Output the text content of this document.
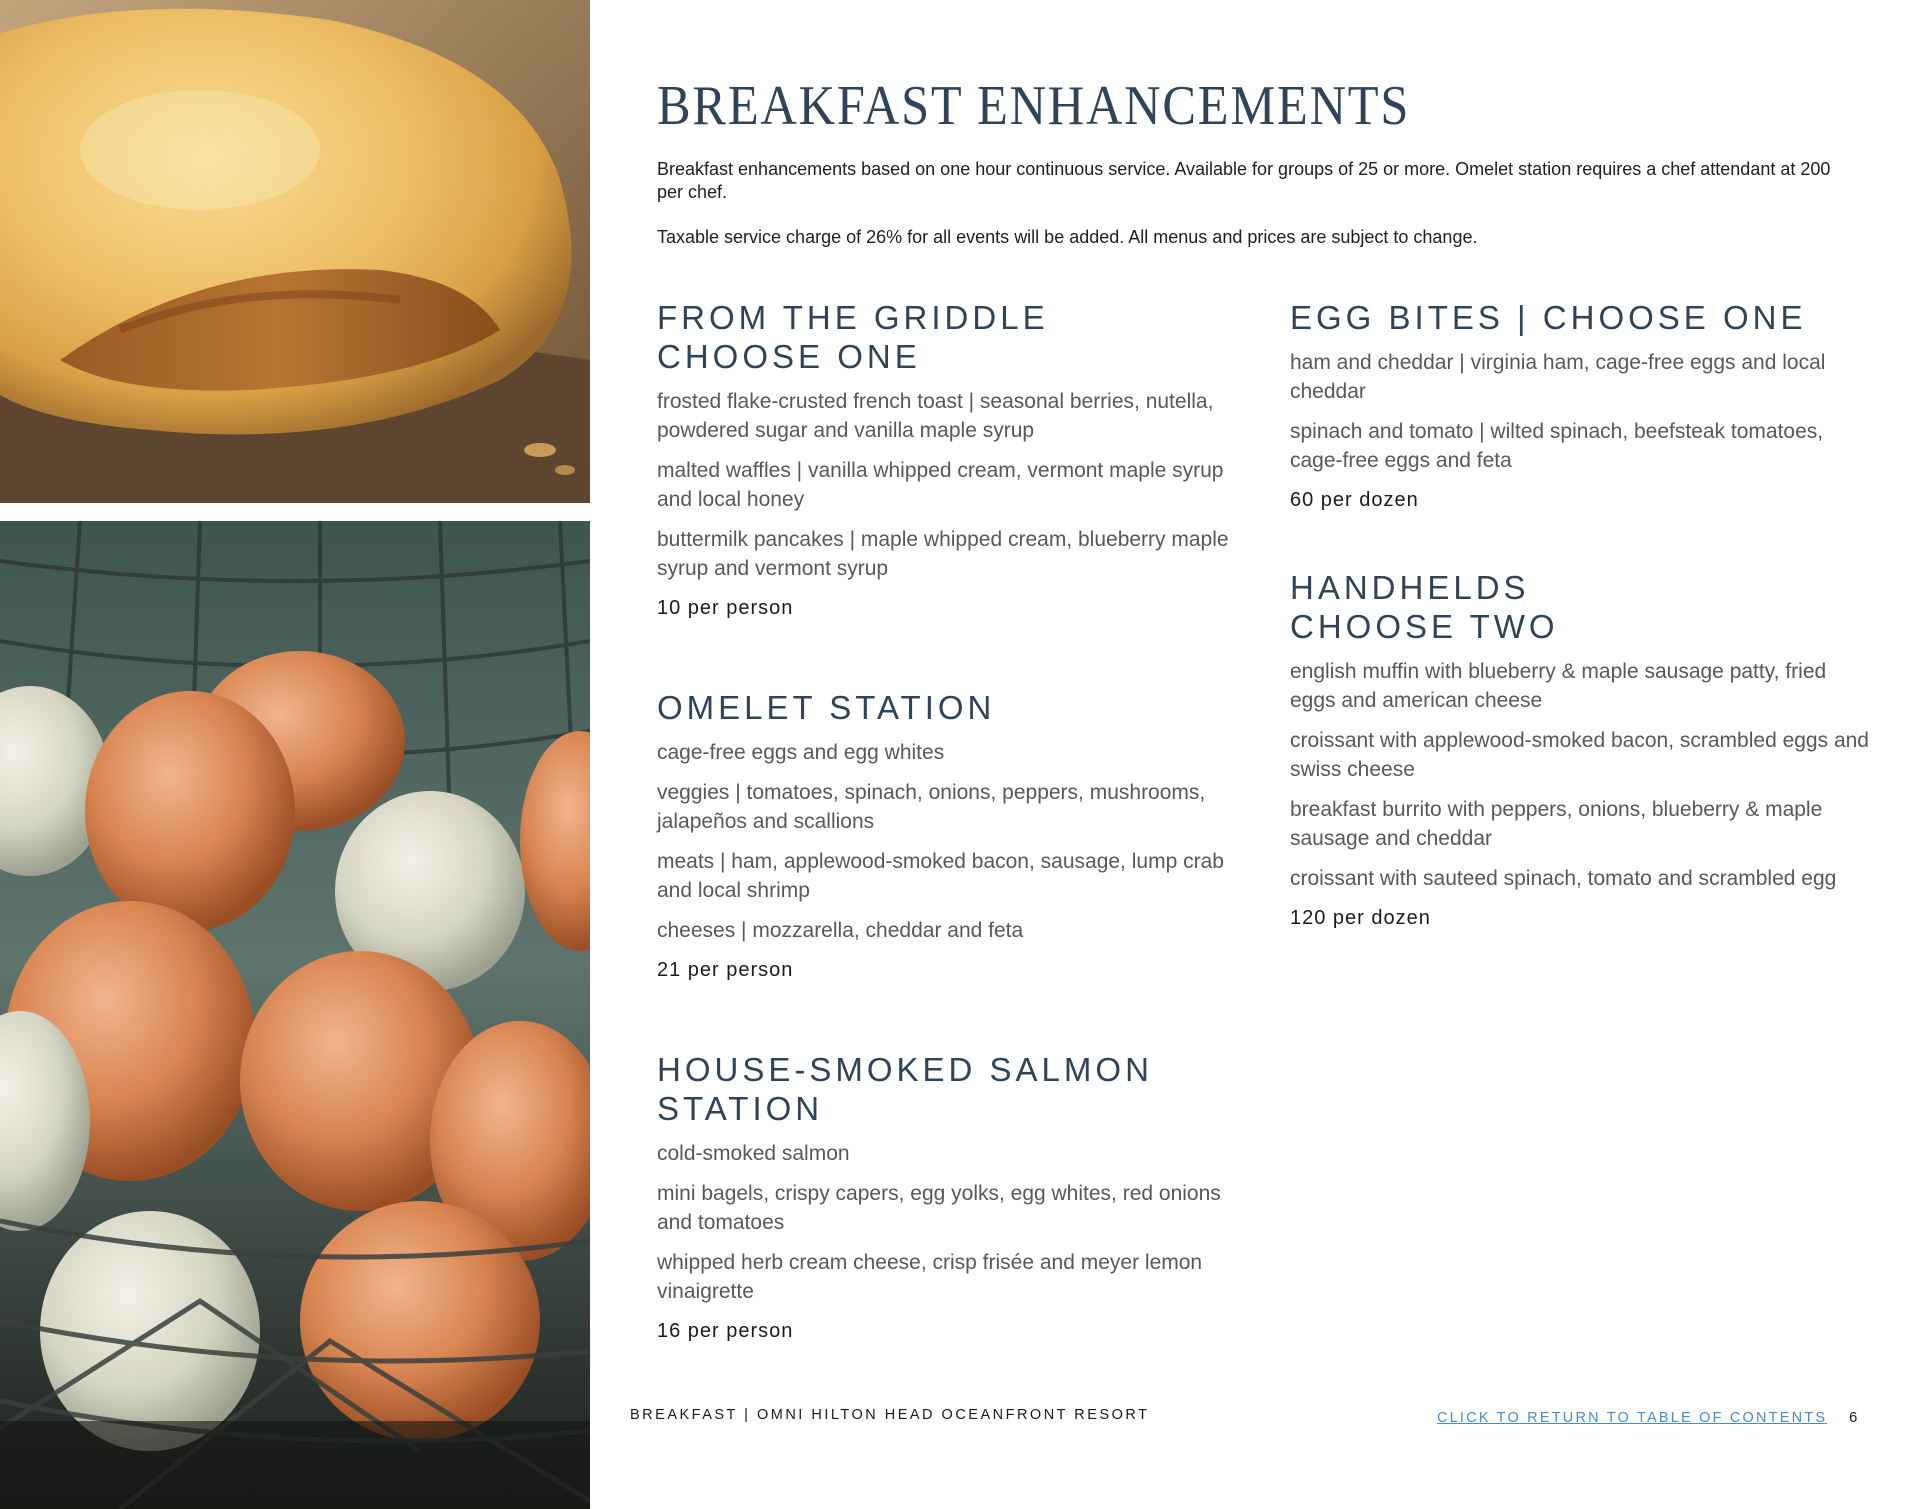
BREAKFAST ENHANCEMENTS

Breakfast enhancements based on one hour continuous service. Available for groups of 25 or more. Omelet station requires a chef attendant at 200 per chef.

Taxable service charge of 26% for all events will be added. All menus and prices are subject to change.

FROM THE GRIDDLE
CHOOSE ONE

frosted flake-crusted french toast | seasonal berries, nutella, powdered sugar and vanilla maple syrup

malted waffles | vanilla whipped cream, vermont maple syrup and local honey

buttermilk pancakes | maple whipped cream, blueberry maple syrup and vermont syrup

10 per person

OMELET STATION

cage-free eggs and egg whites

veggies | tomatoes, spinach, onions, peppers, mushrooms, jalapeños and scallions

meats | ham, applewood-smoked bacon, sausage, lump crab and local shrimp

cheeses | mozzarella, cheddar and feta

21 per person

HOUSE-SMOKED SALMON
STATION

cold-smoked salmon

mini bagels, crispy capers, egg yolks, egg whites, red onions and tomatoes

whipped herb cream cheese, crisp frisée and meyer lemon vinaigrette

16 per person

EGG BITES | CHOOSE ONE

ham and cheddar | virginia ham, cage-free eggs and local cheddar

spinach and tomato | wilted spinach, beefsteak tomatoes, cage-free eggs and feta

60 per dozen

HANDHELDS
CHOOSE TWO

english muffin with blueberry & maple sausage patty, fried eggs and american cheese

croissant with applewood-smoked bacon, scrambled eggs and swiss cheese

breakfast burrito with peppers, onions, blueberry & maple sausage and cheddar

croissant with sauteed spinach, tomato and scrambled egg

120 per dozen

BREAKFAST | OMNI HILTON HEAD OCEANFRONT RESORT	CLICK TO RETURN TO TABLE OF CONTENTS 6
